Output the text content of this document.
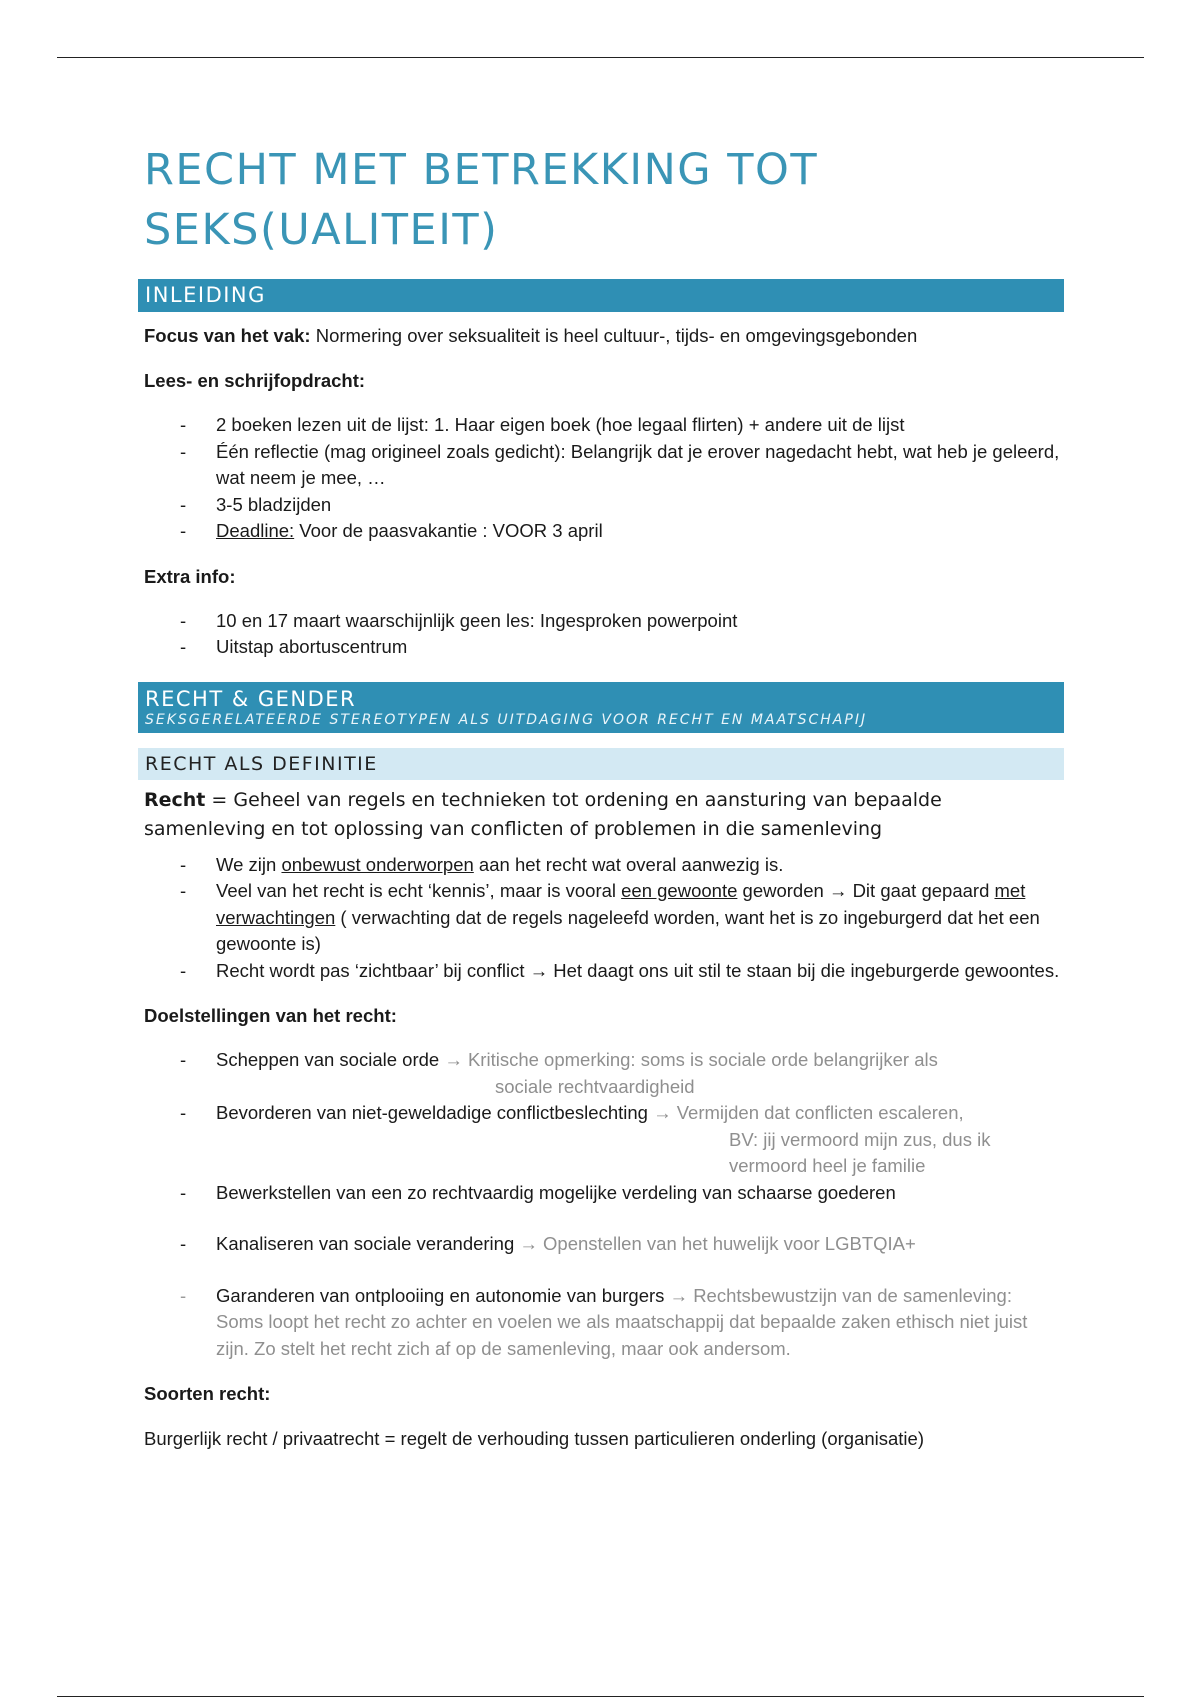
RECHT MET BETREKKING TOT
SEKS(UALITEIT)
INLEIDING

Focus van het vak: Normering over seksualiteit is heel cultuur-, tijds- en omgevingsgebonden

Lees- en schrijfopdracht:

- 2 boeken lezen uit de lijst: 1. Haar eigen boek (hoe legaal flirten) + andere uit de lijst
- Één reflectie (mag origineel zoals gedicht): Belangrijk dat je erover nagedacht hebt, wat heb je geleerd, wat neem je mee, …
- 3-5 bladzijden
- Deadline: Voor de paasvakantie : VOOR 3 april

Extra info:

- 10 en 17 maart waarschijnlijk geen les: Ingesproken powerpoint
- Uitstap abortuscentrum
RECHT & GENDER
SEKSGERELATEERDE STEREOTYPEN ALS UITDAGING VOOR RECHT EN MAATSCHAPIJ
RECHT ALS DEFINITIE

Recht = Geheel van regels en technieken tot ordening en aansturing van bepaalde samenleving en tot oplossing van conflicten of problemen in die samenleving

- We zijn onbewust onderworpen aan het recht wat overal aanwezig is.
- Veel van het recht is echt ‘kennis’, maar is vooral een gewoonte geworden → Dit gaat gepaard met verwachtingen ( verwachting dat de regels nageleefd worden, want het is zo ingeburgerd dat het een gewoonte is)
- Recht wordt pas ‘zichtbaar’ bij conflict → Het daagt ons uit stil te staan bij die ingeburgerde gewoontes.

Doelstellingen van het recht:

- Scheppen van sociale orde → Kritische opmerking: soms is sociale orde belangrijker als
sociale rechtvaardigheid
- Bevorderen van niet-geweldadige conflictbeslechting → Vermijden dat conflicten escaleren,
BV: jij vermoord mijn zus, dus ik
vermoord heel je familie
- Bewerkstellen van een zo rechtvaardig mogelijke verdeling van schaarse goederen
- Kanaliseren van sociale verandering → Openstellen van het huwelijk voor LGBTQIA+
- Garanderen van ontplooiing en autonomie van burgers → Rechtsbewustzijn van de samenleving: Soms loopt het recht zo achter en voelen we als maatschappij dat bepaalde zaken ethisch niet juist zijn. Zo stelt het recht zich af op de samenleving, maar ook andersom.

Soorten recht:

Burgerlijk recht / privaatrecht = regelt de verhouding tussen particulieren onderling (organisatie)
